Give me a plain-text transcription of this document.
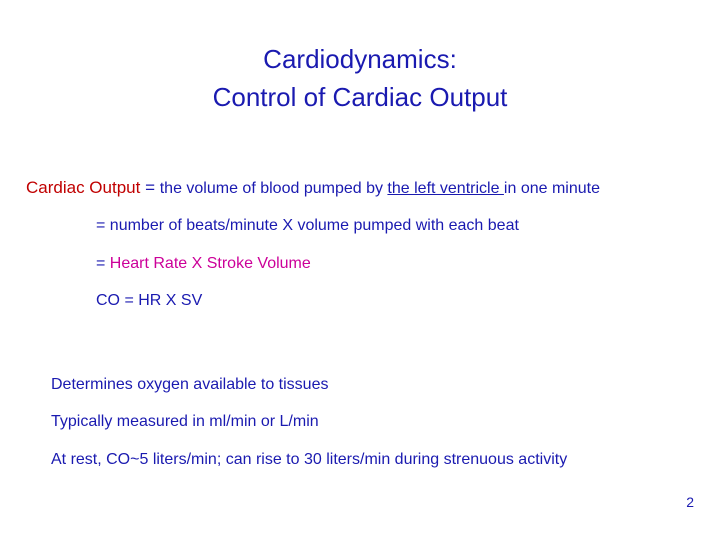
Cardiodynamics:
Control of Cardiac Output
Cardiac Output = the volume of blood pumped by the left ventricle in one minute
= number of beats/minute X volume pumped with each beat
= Heart Rate X Stroke Volume
CO = HR X SV
Determines oxygen available to tissues
Typically measured in ml/min or L/min
At rest, CO~5 liters/min; can rise to 30 liters/min during strenuous activity
2
